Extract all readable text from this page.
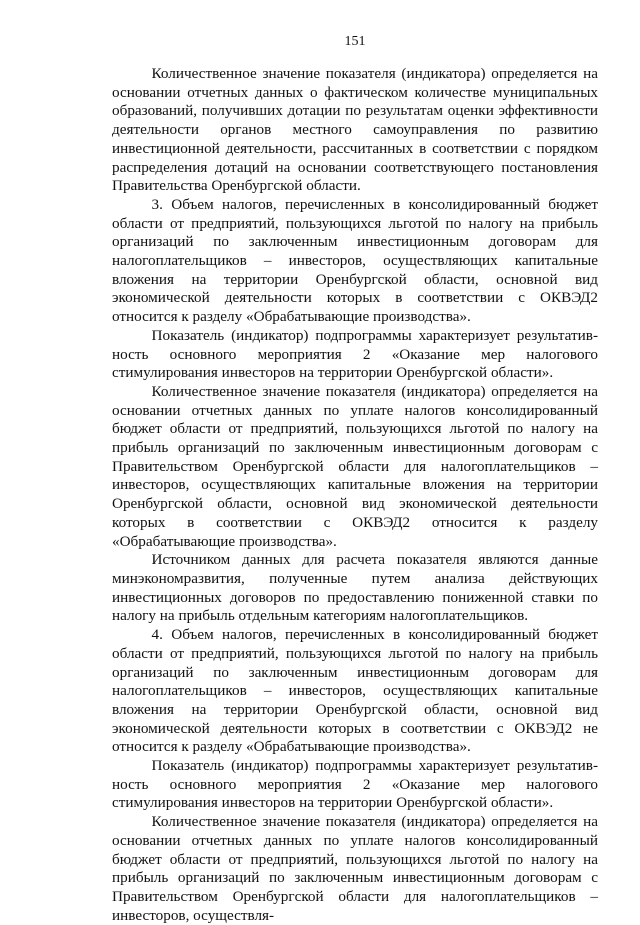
151

Количественное значение показателя (индикатора) определяется на основании отчетных данных о фактическом количестве муниципальных образований, получивших дотации по результатам оценки эффективности деятельности органов местного самоуправления по развитию инвестиционной деятельности, рассчитанных в соответствии с порядком распределения дотаций на основании соответствующего постановления Правительства Оренбургской области.

3. Объем налогов, перечисленных в консолидированный бюджет области от предприятий, пользующихся льготой по налогу на прибыль организаций по заключенным инвестиционным договорам для налогоплательщиков – инвесторов, осуществляющих капитальные вложения на территории Оренбургской области, основной вид экономической деятельности которых в соответствии с ОКВЭД2 относится к разделу «Обрабатывающие производства».

Показатель (индикатор) подпрограммы характеризует результативность основного мероприятия 2 «Оказание мер налогового стимулирования инвесторов на территории Оренбургской области».

Количественное значение показателя (индикатора) определяется на основании отчетных данных по уплате налогов консолидированный бюджет области от предприятий, пользующихся льготой по налогу на прибыль организаций по заключенным инвестиционным договорам с Правительством Оренбургской области для налогоплательщиков – инвесторов, осуществляющих капитальные вложения на территории Оренбургской области, основной вид экономической деятельности которых в соответствии с ОКВЭД2 относится к разделу «Обрабатывающие производства».

Источником данных для расчета показателя являются данные минэкономразвития, полученные путем анализа действующих инвестиционных договоров по предоставлению пониженной ставки по налогу на прибыль отдельным категориям налогоплательщиков.

4. Объем налогов, перечисленных в консолидированный бюджет области от предприятий, пользующихся льготой по налогу на прибыль организаций по заключенным инвестиционным договорам для налогоплательщиков – инвесторов, осуществляющих капитальные вложения на территории Оренбургской области, основной вид экономической деятельности которых в соответствии с ОКВЭД2 не относится к разделу «Обрабатывающие производства».

Показатель (индикатор) подпрограммы характеризует результативность основного мероприятия 2 «Оказание мер налогового стимулирования инвесторов на территории Оренбургской области».

Количественное значение показателя (индикатора) определяется на основании отчетных данных по уплате налогов консолидированный бюджет области от предприятий, пользующихся льготой по налогу на прибыль организаций по заключенным инвестиционным договорам с Правительством Оренбургской области для налогоплательщиков – инвесторов, осуществля-
